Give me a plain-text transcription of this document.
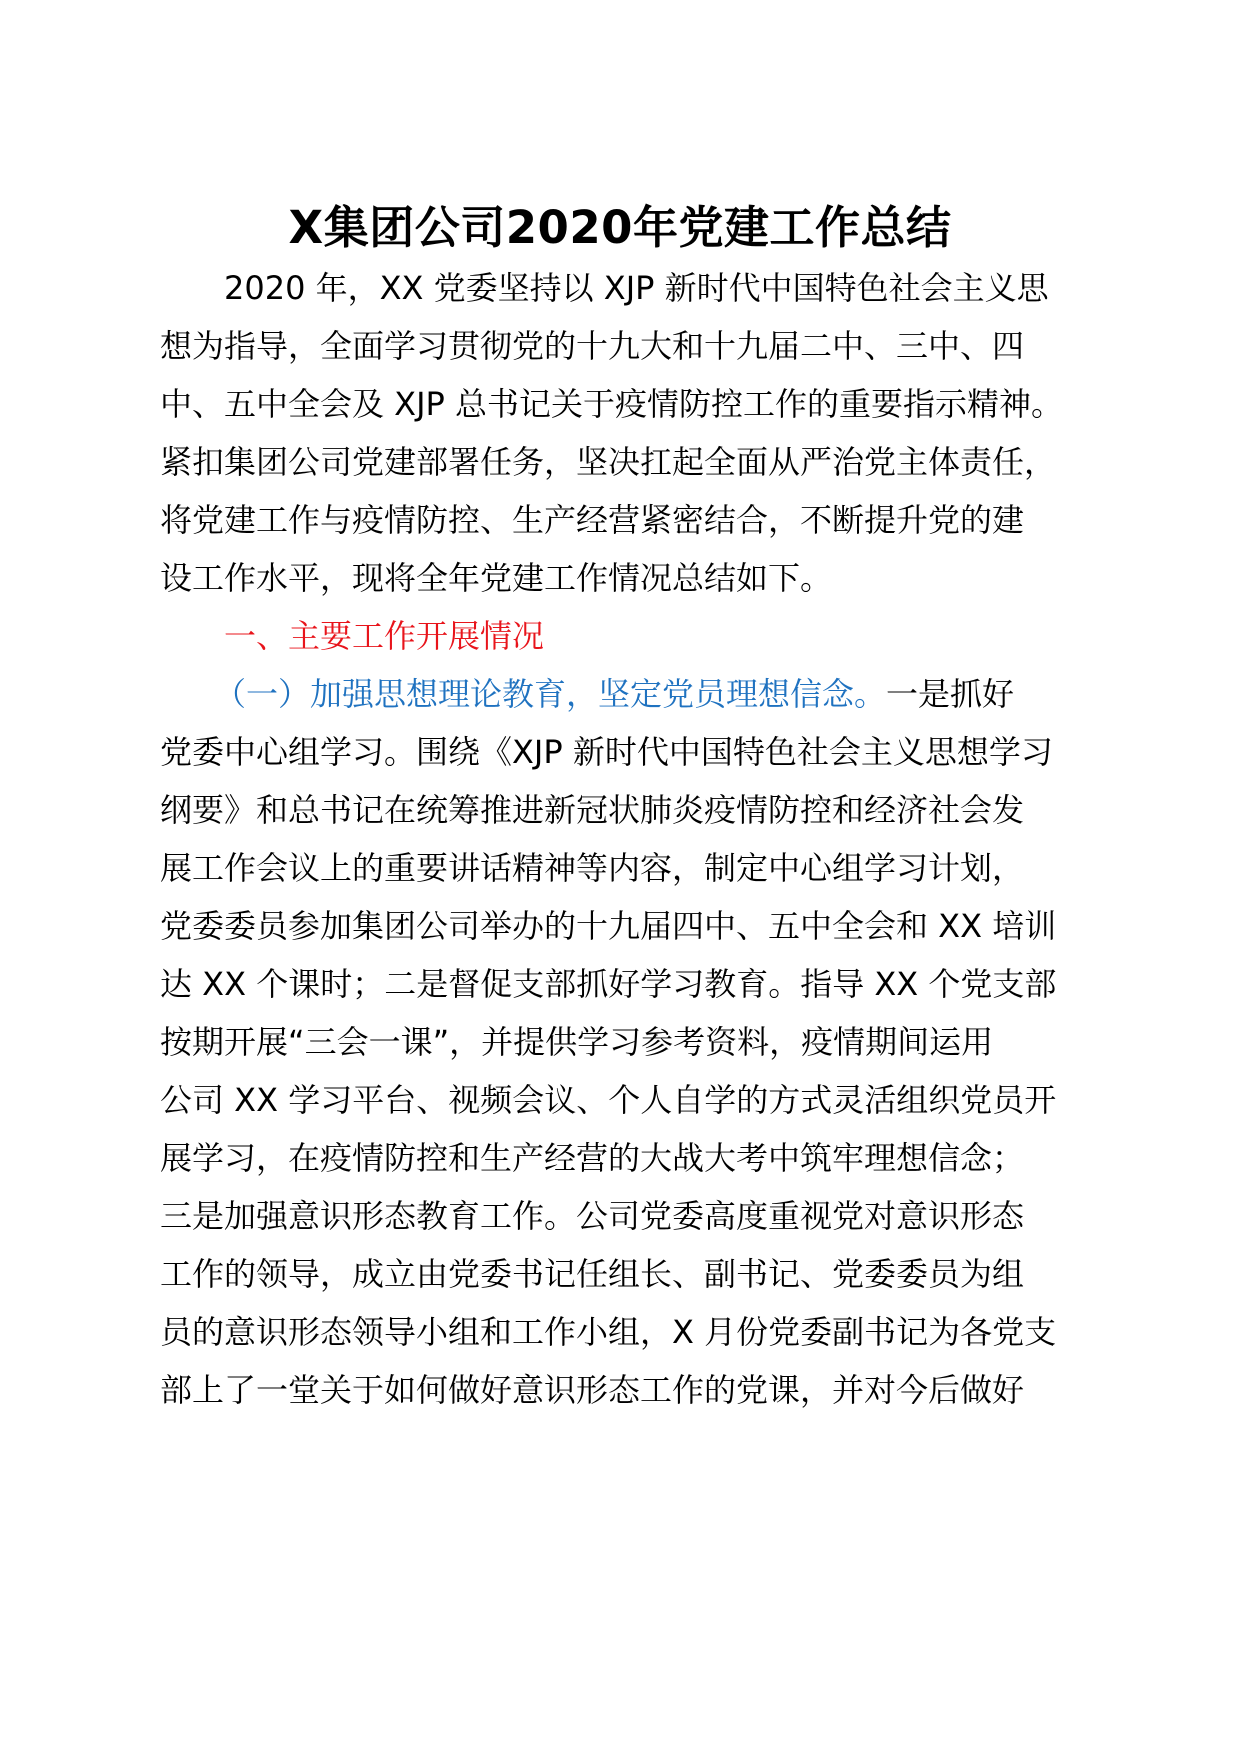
X集团公司2020年党建工作总结

2020 年，XX 党委坚持以 XJP 新时代中国特色社会主义思

想为指导，全面学习贯彻党的十九大和十九届二中、三中、四

中、五中全会及 XJP 总书记关于疫情防控工作的重要指示精神。

紧扣集团公司党建部署任务，坚决扛起全面从严治党主体责任，

将党建工作与疫情防控、生产经营紧密结合，不断提升党的建

设工作水平，现将全年党建工作情况总结如下。

一、主要工作开展情况

（一）加强思想理论教育，坚定党员理想信念。一是抓好

党委中心组学习。围绕《XJP 新时代中国特色社会主义思想学习

纲要》和总书记在统筹推进新冠状肺炎疫情防控和经济社会发

展工作会议上的重要讲话精神等内容，制定中心组学习计划，

党委委员参加集团公司举办的十九届四中、五中全会和 XX 培训

达 XX 个课时；二是督促支部抓好学习教育。指导 XX 个党支部

按期开展“三会一课”，并提供学习参考资料，疫情期间运用

公司 XX 学习平台、视频会议、个人自学的方式灵活组织党员开

展学习，在疫情防控和生产经营的大战大考中筑牢理想信念；

三是加强意识形态教育工作。公司党委高度重视党对意识形态

工作的领导，成立由党委书记任组长、副书记、党委委员为组

员的意识形态领导小组和工作小组，X 月份党委副书记为各党支

部上了一堂关于如何做好意识形态工作的党课，并对今后做好
